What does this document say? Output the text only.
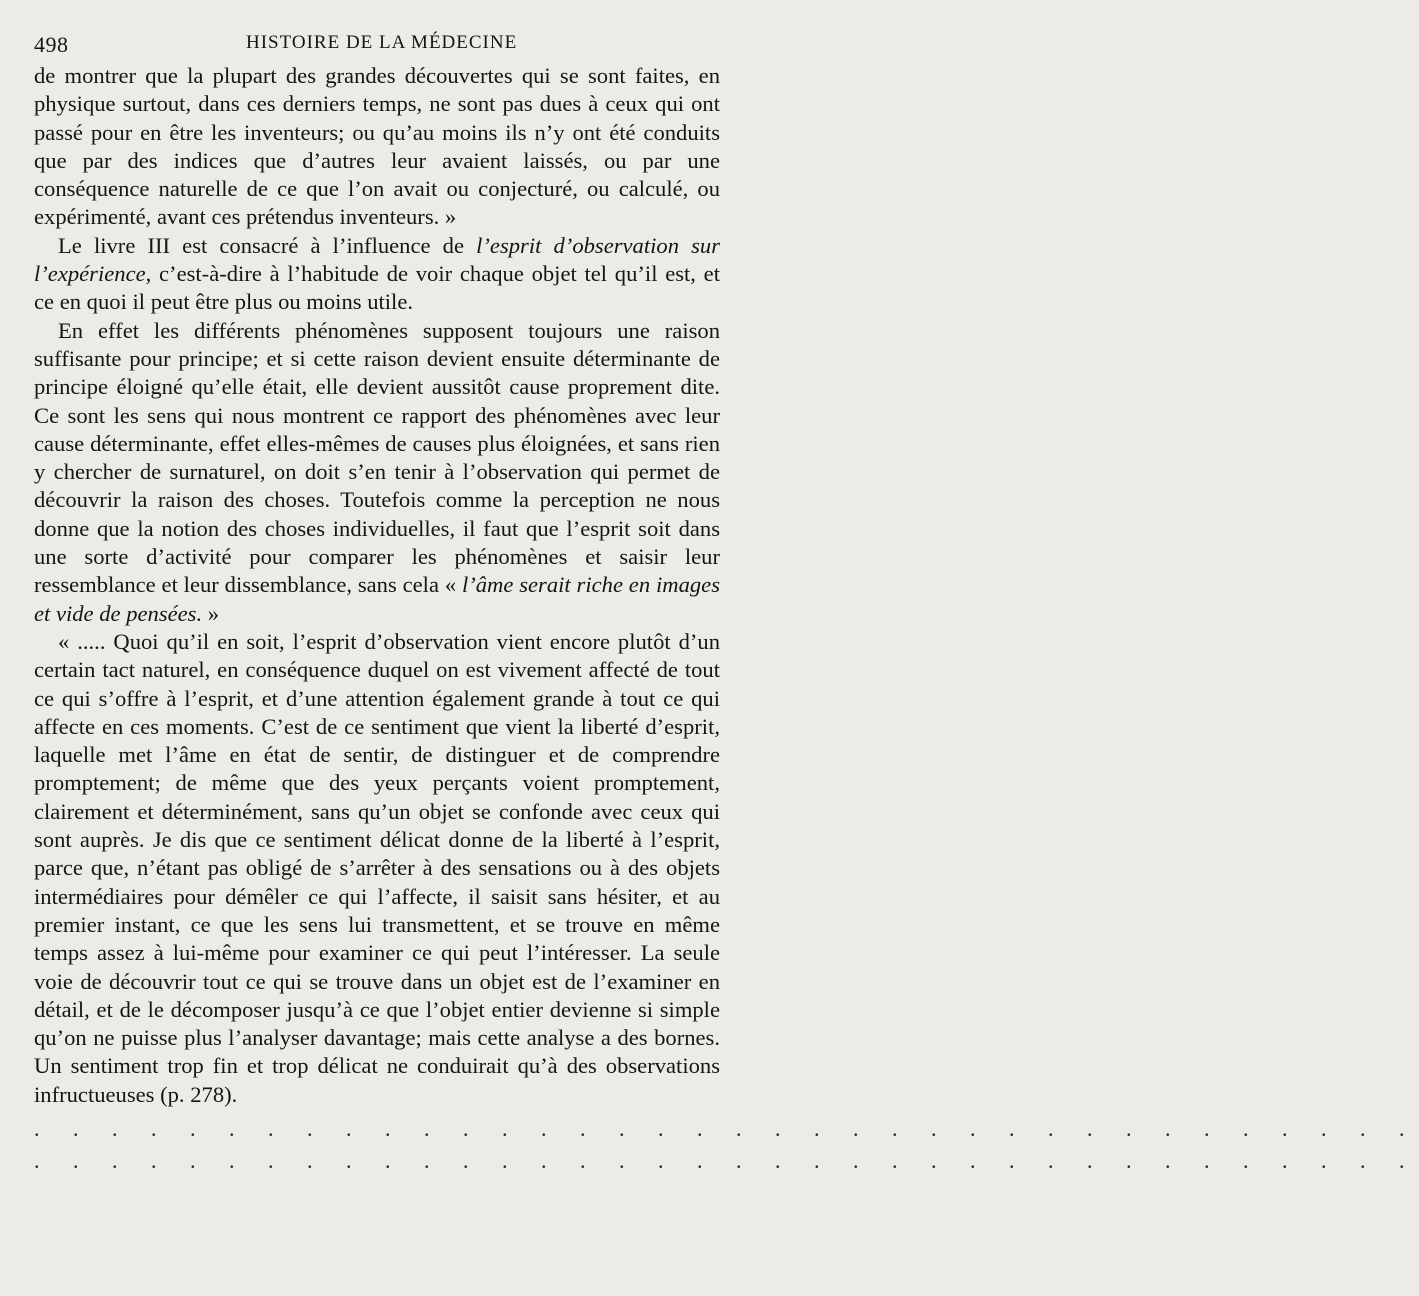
498	HISTOIRE DE LA MÉDECINE

de montrer que la plupart des grandes découvertes qui se sont faites, en physique surtout, dans ces derniers temps, ne sont pas dues à ceux qui ont passé pour en être les inventeurs; ou qu’au moins ils n’y ont été conduits que par des indices que d’autres leur avaient laissés, ou par une conséquence naturelle de ce que l’on avait ou conjecturé, ou calculé, ou expérimenté, avant ces prétendus inventeurs. »

Le livre III est consacré à l’influence de l’esprit d’observation sur l’expérience, c’est-à-dire à l’habitude de voir chaque objet tel qu’il est, et ce en quoi il peut être plus ou moins utile.

En effet les différents phénomènes supposent toujours une raison suffisante pour principe; et si cette raison devient ensuite déterminante de principe éloigné qu’elle était, elle devient aussitôt cause proprement dite. Ce sont les sens qui nous montrent ce rapport des phénomènes avec leur cause déterminante, effet elles-mêmes de causes plus éloignées, et sans rien y chercher de surnaturel, on doit s’en tenir à l’observation qui permet de découvrir la raison des choses. Toutefois comme la perception ne nous donne que la notion des choses individuelles, il faut que l’esprit soit dans une sorte d’activité pour comparer les phénomènes et saisir leur ressemblance et leur dissemblance, sans cela « l’âme serait riche en images et vide de pensées. »

« ..... Quoi qu’il en soit, l’esprit d’observation vient encore plutôt d’un certain tact naturel, en conséquence duquel on est vivement affecté de tout ce qui s’offre à l’esprit, et d’une attention également grande à tout ce qui affecte en ces moments. C’est de ce sentiment que vient la liberté d’esprit, laquelle met l’âme en état de sentir, de distinguer et de comprendre promptement; de même que des yeux perçants voient promptement, clairement et déterminément, sans qu’un objet se confonde avec ceux qui sont auprès. Je dis que ce sentiment délicat donne de la liberté à l’esprit, parce que, n’étant pas obligé de s’arrêter à des sensations ou à des objets intermédiaires pour démêler ce qui l’affecte, il saisit sans hésiter, et au premier instant, ce que les sens lui transmettent, et se trouve en même temps assez à lui-même pour examiner ce qui peut l’intéresser. La seule voie de découvrir tout ce qui se trouve dans un objet est de l’examiner en détail, et de le décomposer jusqu’à ce que l’objet entier devienne si simple qu’on ne puisse plus l’analyser davantage; mais cette analyse a des bornes. Un sentiment trop fin et trop délicat ne conduirait qu’à des observations infructueuses (p. 278).

. . . . . . . . . . . . . . . . . . . . . . . . . . . . . . . . . . . .
. . . . . . . . . . . . . . . . . . . . . . . . . . . . . . . . . . . .
